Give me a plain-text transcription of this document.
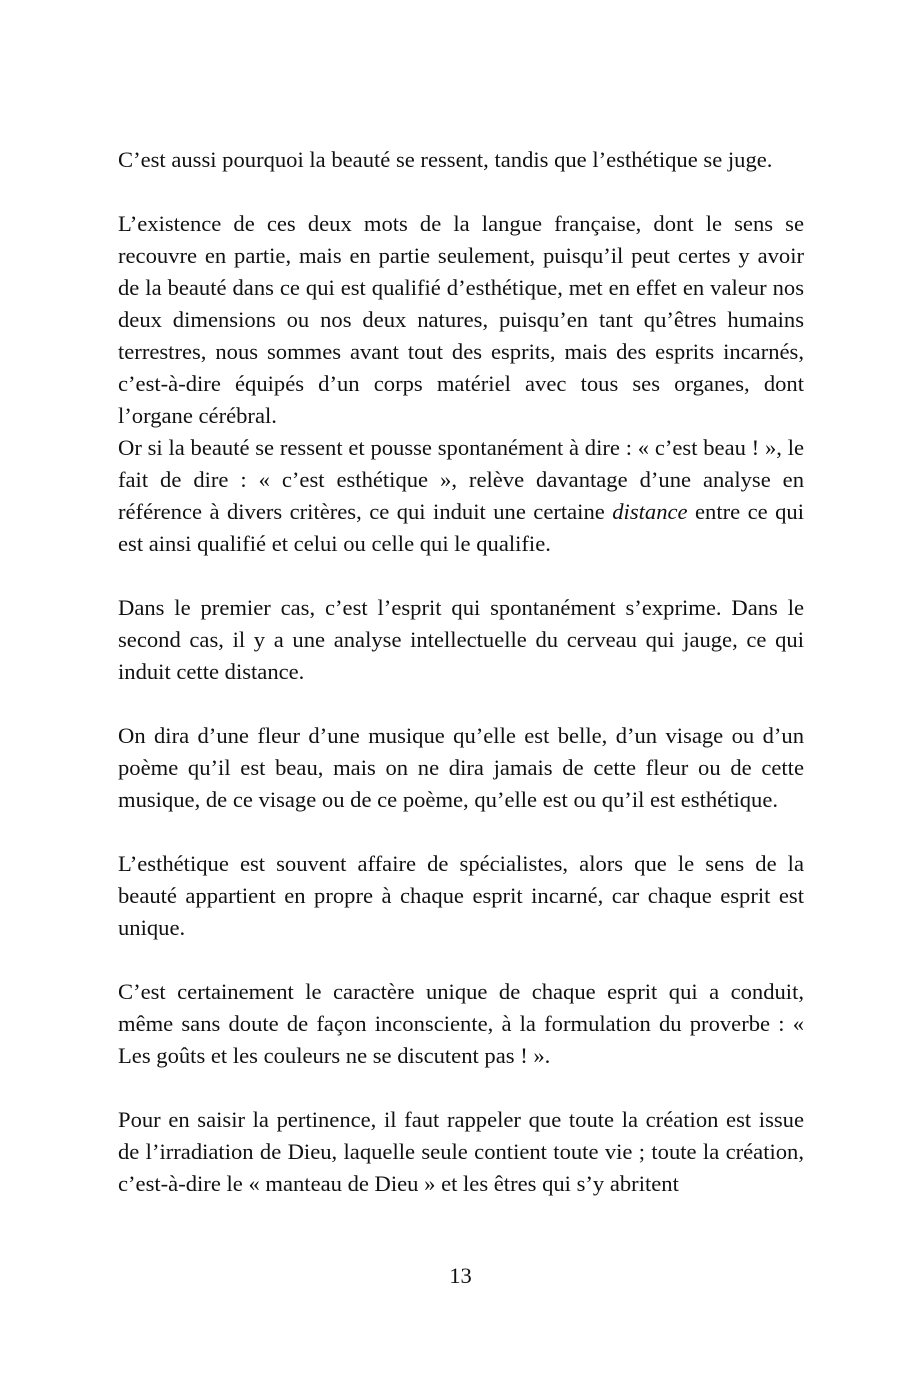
C’est aussi pourquoi la beauté se ressent, tandis que l’esthétique se juge.

L’existence de ces deux mots de la langue française, dont le sens se recouvre en partie, mais en partie seulement, puisqu’il peut certes y avoir de la beauté dans ce qui est qualifié d’esthétique, met en effet en valeur nos deux dimensions ou nos deux natures, puisqu’en tant qu’êtres humains terrestres, nous sommes avant tout des esprits, mais des esprits incarnés, c’est-à-dire équipés d’un corps matériel avec tous ses organes, dont l’organe cérébral.

Or si la beauté se ressent et pousse spontanément à dire : « c’est beau ! », le fait de dire : « c’est esthétique », relève davantage d’une analyse en référence à divers critères, ce qui induit une certaine distance entre ce qui est ainsi qualifié et celui ou celle qui le qualifie.

Dans le premier cas, c’est l’esprit qui spontanément s’exprime. Dans le second cas, il y a une analyse intellectuelle du cerveau qui jauge, ce qui induit cette distance.

On dira d’une fleur d’une musique qu’elle est belle, d’un visage ou d’un poème qu’il est beau, mais on ne dira jamais de cette fleur ou de cette musique, de ce visage ou de ce poème, qu’elle est ou qu’il est esthétique.

L’esthétique est souvent affaire de spécialistes, alors que le sens de la beauté appartient en propre à chaque esprit incarné, car chaque esprit est unique.

C’est certainement le caractère unique de chaque esprit qui a conduit, même sans doute de façon inconsciente, à la formulation du proverbe : « Les goûts et les couleurs ne se discutent pas ! ».

Pour en saisir la pertinence, il faut rappeler que toute la création est issue de l’irradiation de Dieu, laquelle seule contient toute vie ; toute la création, c’est-à-dire le « manteau de Dieu » et les êtres qui s’y abritent

13
